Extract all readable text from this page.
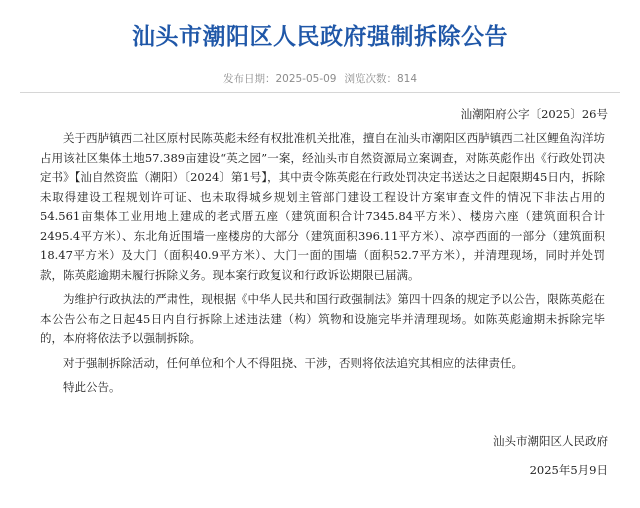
汕头市潮阳区人民政府强制拆除公告
发布日期：2025-05-09 浏览次数：814
汕潮阳府公字〔2025〕26号

关于西胪镇西二社区原村民陈英彪未经有权批准机关批准，擅自在汕头市潮阳区西胪镇西二社区鲤鱼沟洋坊占用该社区集体土地57.389亩建设“英之园”一案，经汕头市自然资源局立案调查，对陈英彪作出《行政处罚决定书》【汕自然资监（潮阳）〔2024〕第1号】，其中责令陈英彪在行政处罚决定书送达之日起限期45日内，拆除未取得建设工程规划许可证、也未取得城乡规划主管部门建设工程设计方案审查文件的情况下非法占用的54.561亩集体工业用地上建成的老式厝五座（建筑面积合计7345.84平方米）、楼房六座（建筑面积合计2495.4平方米）、东北角近围墙一座楼房的大部分（建筑面积396.11平方米）、凉亭西面的一部分（建筑面积18.47平方米）及大门（面积40.9平方米）、大门一面的围墙（面积52.7平方米），并清理现场，同时并处罚款，陈英彪逾期未履行拆除义务。现本案行政复议和行政诉讼期限已届满。

为维护行政执法的严肃性，现根据《中华人民共和国行政强制法》第四十四条的规定予以公告，限陈英彪在本公告公布之日起45日内自行拆除上述违法建（构）筑物和设施完毕并清理现场。如陈英彪逾期未拆除完毕的，本府将依法予以强制拆除。

对于强制拆除活动，任何单位和个人不得阻挠、干涉，否则将依法追究其相应的法律责任。

特此公告。

汕头市潮阳区人民政府
2025年5月9日
